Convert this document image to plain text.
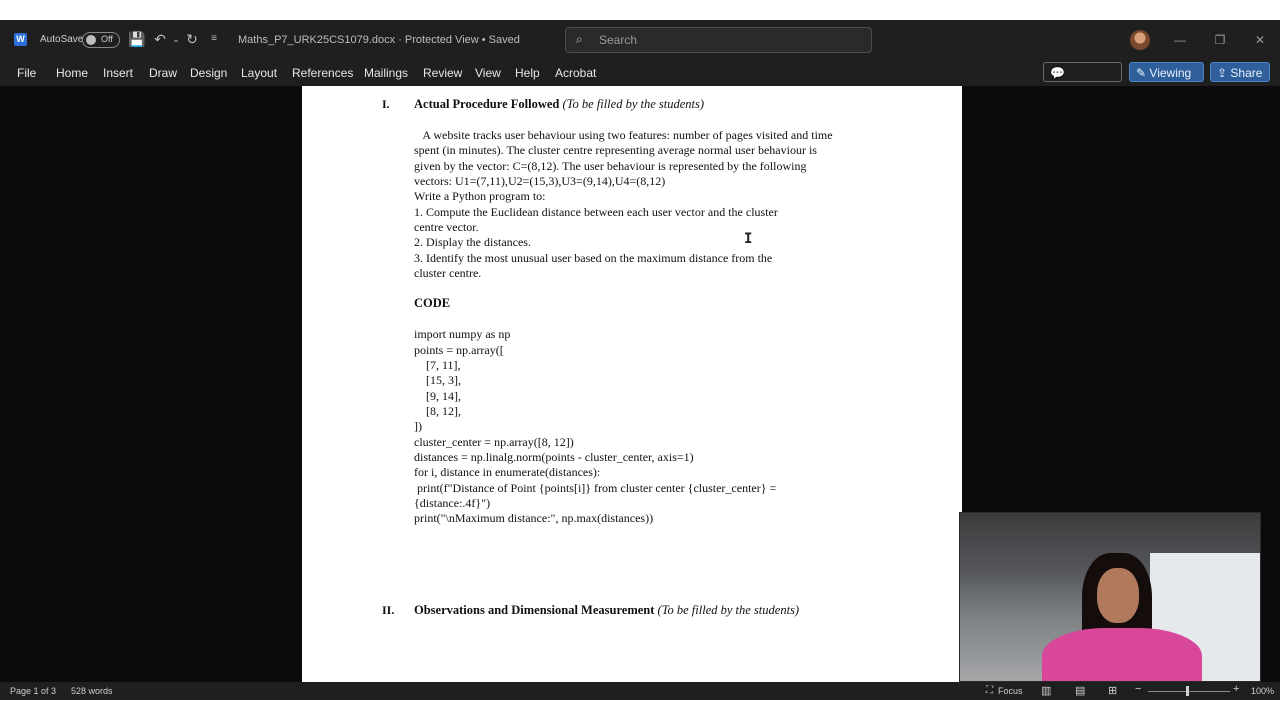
W AutoSave Off 💾 ↶ ⌄ ↻	≡	Maths_P7_URK25CS1079.docx · Protected View • Saved	⌕ Search	—	❐	✕
File Home Insert Draw Design Layout References Mailings Review View Help Acrobat	💬	✎ Viewing	⇪ Share
I. Actual Procedure Followed (To be filled by the students)
A website tracks user behaviour using two features: number of pages visited and time
spent (in minutes). The cluster centre representing average normal user behaviour is
given by the vector: C=(8,12). The user behaviour is represented by the following
vectors: U1=(7,11),U2=(15,3),U3=(9,14),U4=(8,12)
Write a Python program to:
1. Compute the Euclidean distance between each user vector and the cluster
centre vector.
2. Display the distances.
3. Identify the most unusual user based on the maximum distance from the
cluster centre.
CODE
import numpy as np
points = np.array([
[7, 11],
[15, 3],
[9, 14],
[8, 12],
])
cluster_center = np.array([8, 12])
distances = np.linalg.norm(points - cluster_center, axis=1)
for i, distance in enumerate(distances):
print(f"Distance of Point {points[i]} from cluster center {cluster_center} =
{distance:.4f}")
print("\nMaximum distance:", np.max(distances))
II. Observations and Dimensional Measurement (To be filled by the students)
I
Page 1 of 3 528 words	⛶ Focus ▥ ▤ ⊞ −	+ 100%
